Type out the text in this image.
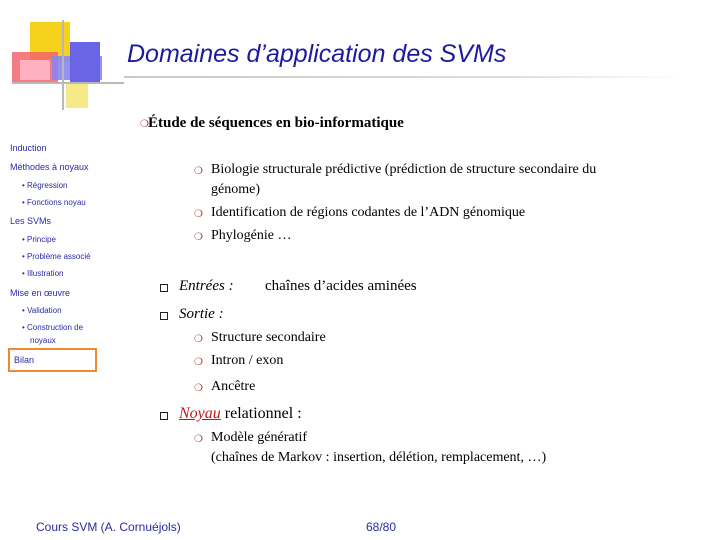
Domaines d’application des SVMs
Induction
Méthodes à noyaux
• Régression
• Fonctions noyau
Les SVMs
• Principe
• Problème associé
• Illustration
Mise en œuvre
• Validation
• Construction de
noyaux
Bilan
❍ Étude de séquences en bio-informatique
❍ Biologie structurale prédictive (prédiction de structure secondaire du
génome)
❍ Identification de régions codantes de l’ADN génomique
❍ Phylogénie …
Entrées : chaînes d’acides aminées
Sortie :
❍ Structure secondaire
❍ Intron / exon
❍ Ancêtre
Noyau relationnel :
❍ Modèle génératif
(chaînes de Markov : insertion, délétion, remplacement, …)
Cours SVM (A. Cornuéjols)	68/80
